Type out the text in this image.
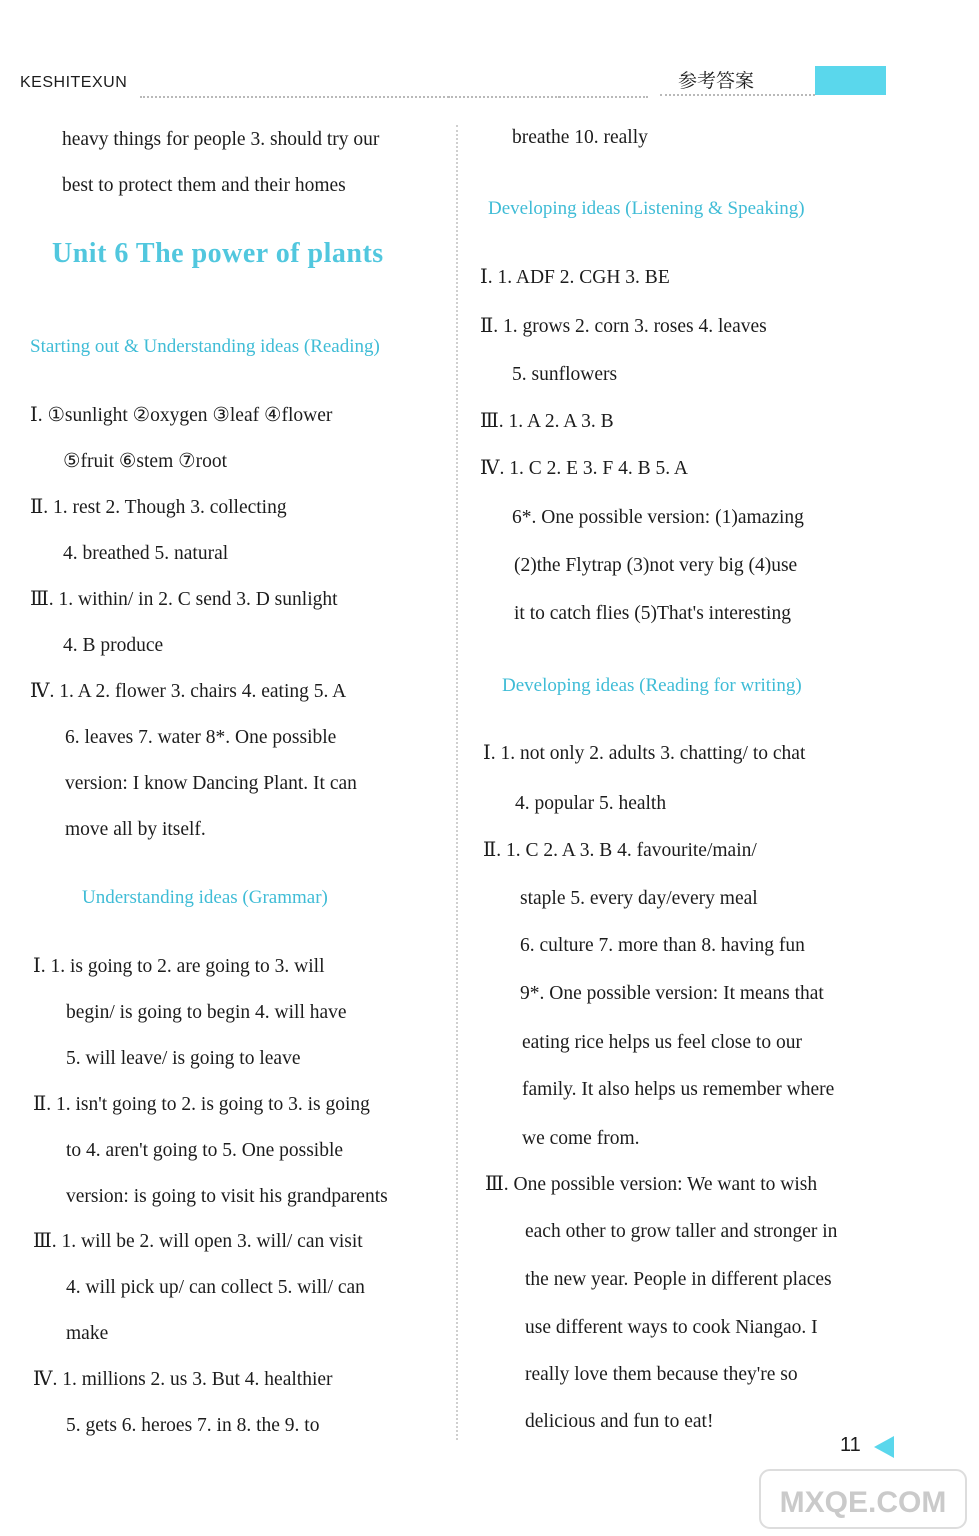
KESHITEXUN	参考答案
heavy things for people 3. should try our
best to protect them and their homes
Unit 6 The power of plants
Starting out & Understanding ideas (Reading)
Ⅰ. ①sunlight ②oxygen ③leaf ④flower
⑤fruit ⑥stem ⑦root
Ⅱ. 1. rest 2. Though 3. collecting
4. breathed 5. natural
Ⅲ. 1. within/ in 2. C send 3. D sunlight
4. B produce
Ⅳ. 1. A 2. flower 3. chairs 4. eating 5. A
6. leaves 7. water 8*. One possible
version: I know Dancing Plant. It can
move all by itself.
Understanding ideas (Grammar)
Ⅰ. 1. is going to 2. are going to 3. will
begin/ is going to begin 4. will have
5. will leave/ is going to leave
Ⅱ. 1. isn't going to 2. is going to 3. is going
to 4. aren't going to 5. One possible
version: is going to visit his grandparents
Ⅲ. 1. will be 2. will open 3. will/ can visit
4. will pick up/ can collect 5. will/ can
make
Ⅳ. 1. millions 2. us 3. But 4. healthier
5. gets 6. heroes 7. in 8. the 9. to
breathe 10. really
Developing ideas (Listening & Speaking)
Ⅰ. 1. ADF 2. CGH 3. BE
Ⅱ. 1. grows 2. corn 3. roses 4. leaves
5. sunflowers
Ⅲ. 1. A 2. A 3. B
Ⅳ. 1. C 2. E 3. F 4. B 5. A
6*. One possible version: (1)amazing
(2)the Flytrap (3)not very big (4)use
it to catch flies (5)That's interesting
Developing ideas (Reading for writing)
Ⅰ. 1. not only 2. adults 3. chatting/ to chat
4. popular 5. health
Ⅱ. 1. C 2. A 3. B 4. favourite/main/
staple 5. every day/every meal
6. culture 7. more than 8. having fun
9*. One possible version: It means that
eating rice helps us feel close to our
family. It also helps us remember where
we come from.
Ⅲ. One possible version: We want to wish
each other to grow taller and stronger in
the new year. People in different places
use different ways to cook Niangao. I
really love them because they're so
delicious and fun to eat!
11
MXQE.COM
